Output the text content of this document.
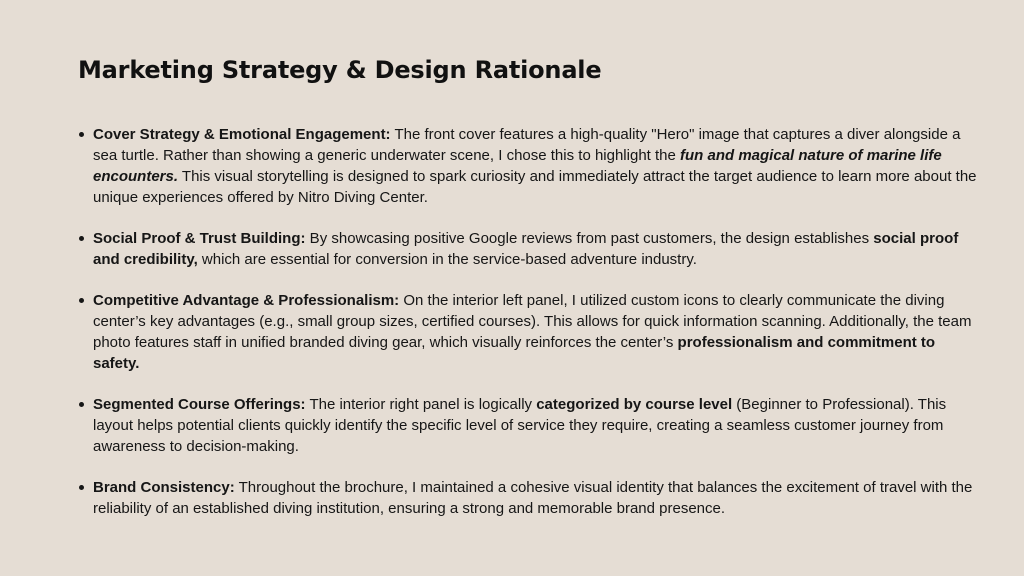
Marketing Strategy & Design Rationale
Cover Strategy & Emotional Engagement: The front cover features a high-quality "Hero" image that captures a diver alongside a sea turtle. Rather than showing a generic underwater scene, I chose this to highlight the fun and magical nature of marine life encounters. This visual storytelling is designed to spark curiosity and immediately attract the target audience to learn more about the unique experiences offered by Nitro Diving Center.
Social Proof & Trust Building: By showcasing positive Google reviews from past customers, the design establishes social proof and credibility, which are essential for conversion in the service-based adventure industry.
Competitive Advantage & Professionalism: On the interior left panel, I utilized custom icons to clearly communicate the diving center’s key advantages (e.g., small group sizes, certified courses). This allows for quick information scanning. Additionally, the team photo features staff in unified branded diving gear, which visually reinforces the center’s professionalism and commitment to safety.
Segmented Course Offerings: The interior right panel is logically categorized by course level (Beginner to Professional). This layout helps potential clients quickly identify the specific level of service they require, creating a seamless customer journey from awareness to decision-making.
Brand Consistency: Throughout the brochure, I maintained a cohesive visual identity that balances the excitement of travel with the reliability of an established diving institution, ensuring a strong and memorable brand presence.
